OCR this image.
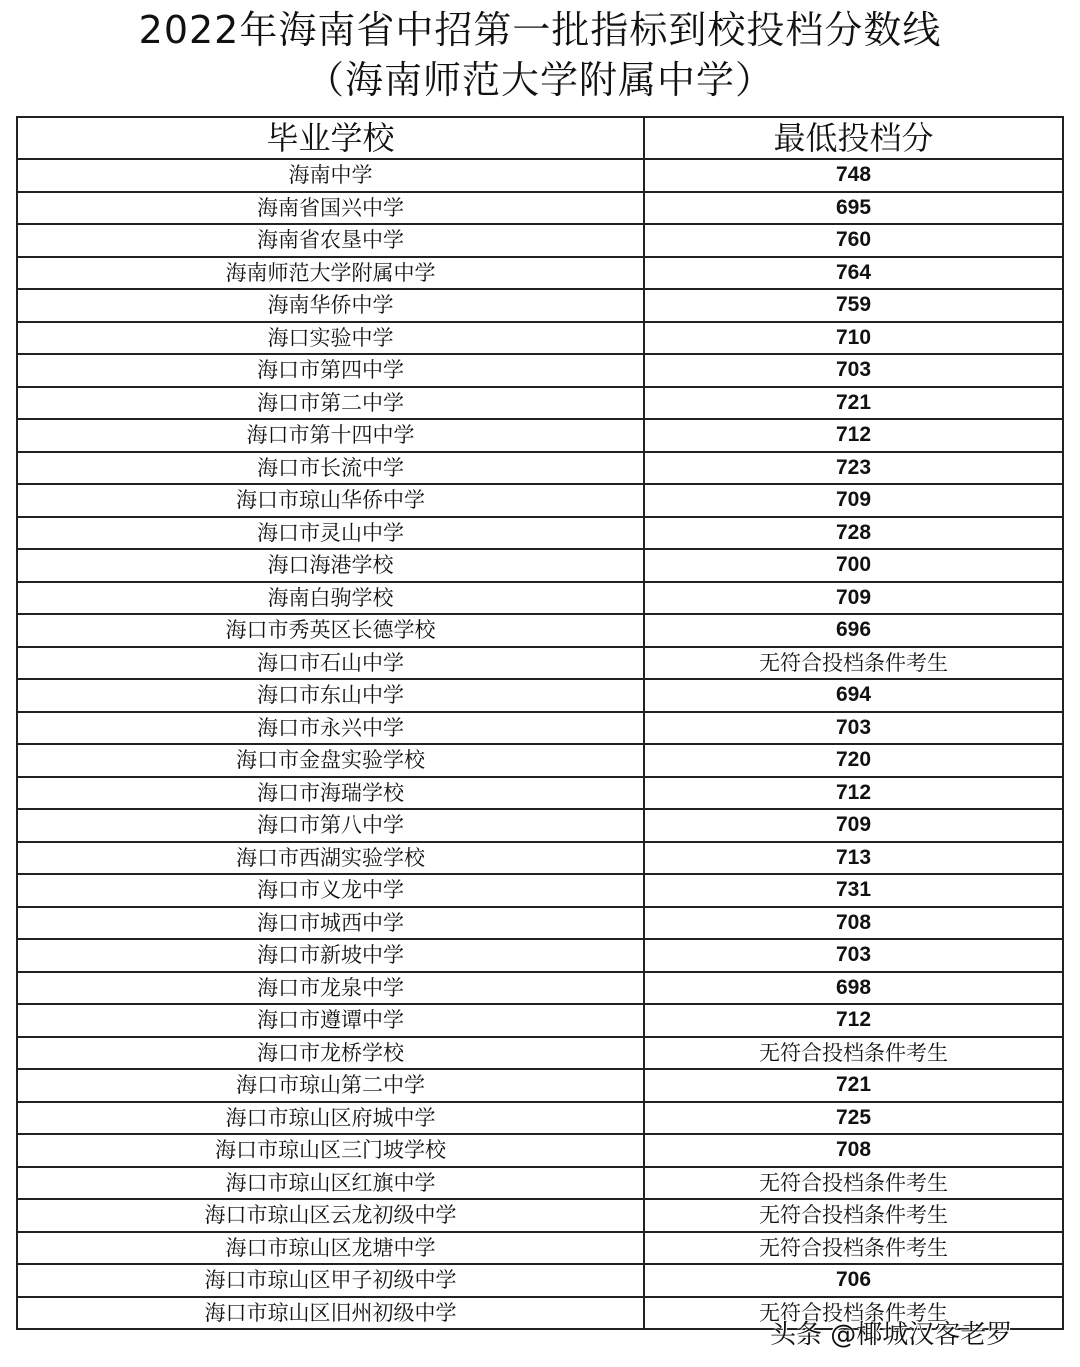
2022年海南省中招第一批指标到校投档分数线
（海南师范大学附属中学）
毕业学校	最低投档分
海南中学	748
海南省国兴中学	695
海南省农垦中学	760
海南师范大学附属中学	764
海南华侨中学	759
海口实验中学	710
海口市第四中学	703
海口市第二中学	721
海口市第十四中学	712
海口市长流中学	723
海口市琼山华侨中学	709
海口市灵山中学	728
海口海港学校	700
海南白驹学校	709
海口市秀英区长德学校	696
海口市石山中学	无符合投档条件考生
海口市东山中学	694
海口市永兴中学	703
海口市金盘实验学校	720
海口市海瑞学校	712
海口市第八中学	709
海口市西湖实验学校	713
海口市义龙中学	731
海口市城西中学	708
海口市新坡中学	703
海口市龙泉中学	698
海口市遵谭中学	712
海口市龙桥学校	无符合投档条件考生
海口市琼山第二中学	721
海口市琼山区府城中学	725
海口市琼山区三门坡学校	708
海口市琼山区红旗中学	无符合投档条件考生
海口市琼山区云龙初级中学	无符合投档条件考生
海口市琼山区龙塘中学	无符合投档条件考生
海口市琼山区甲子初级中学	706
海口市琼山区旧州初级中学	无符合投档条件考生
头条 @椰城汉客老罗
